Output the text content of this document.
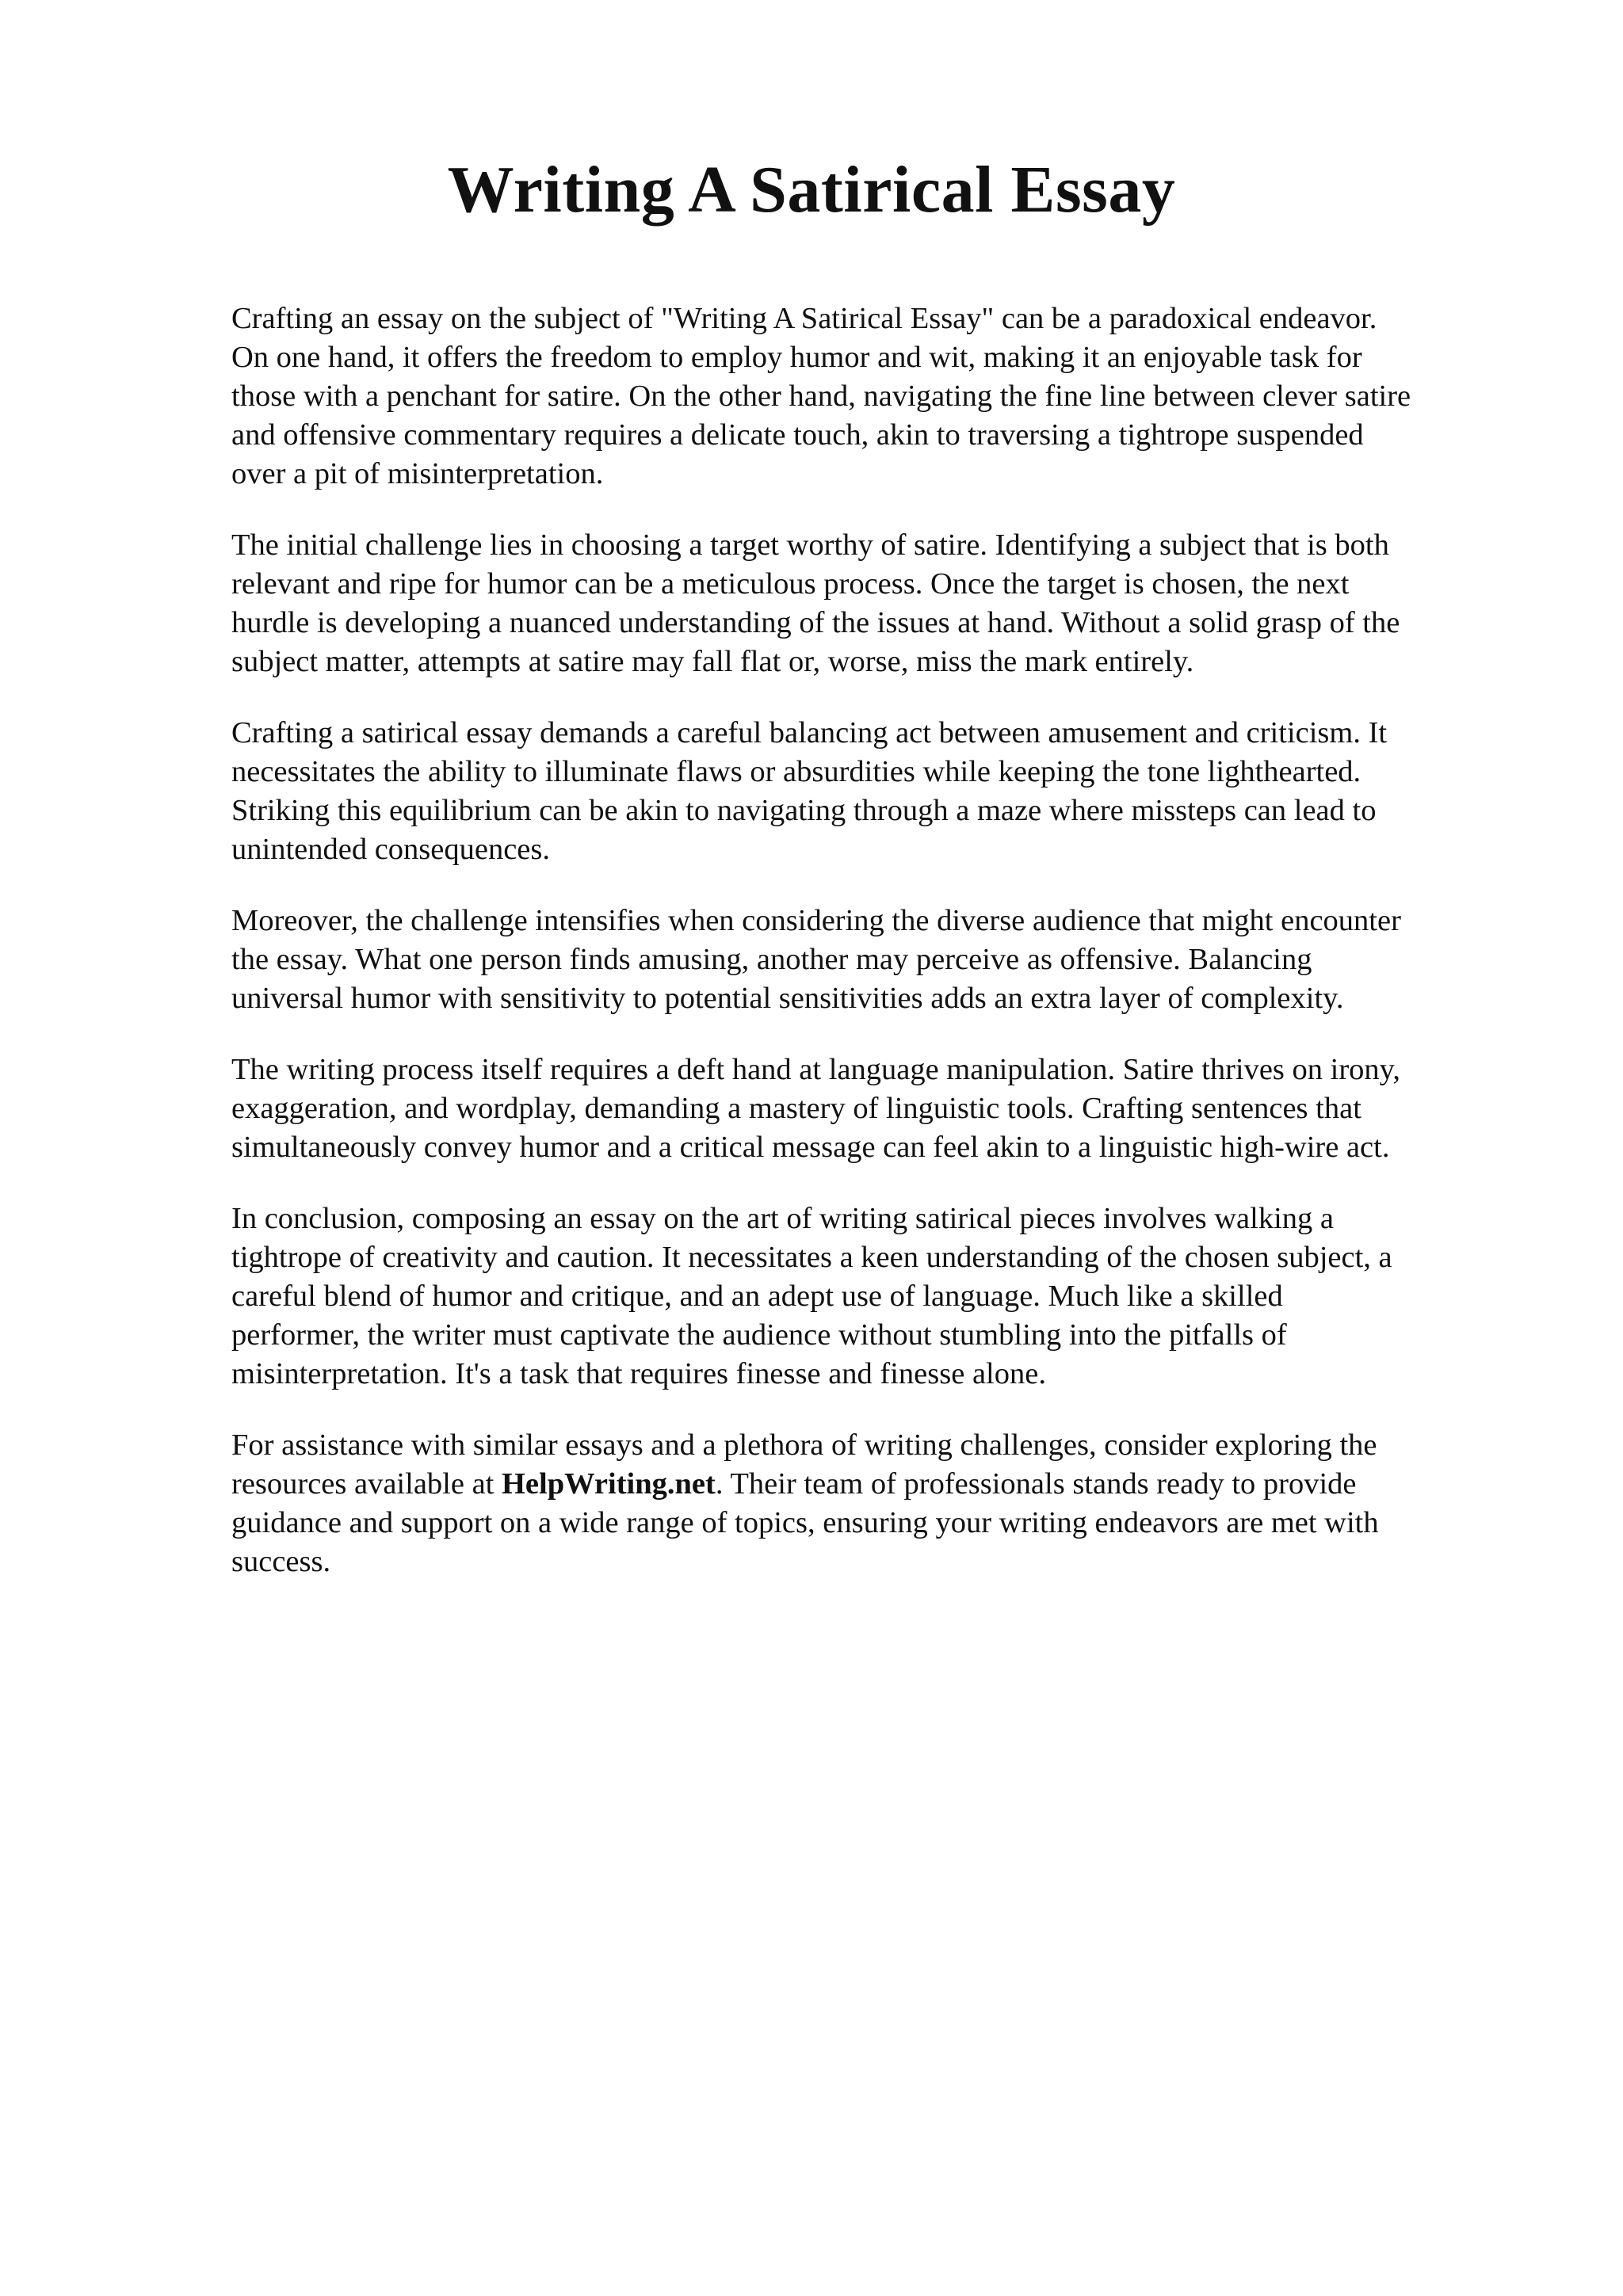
Writing A Satirical Essay

Crafting an essay on the subject of "Writing A Satirical Essay" can be a paradoxical endeavor.
On one hand, it offers the freedom to employ humor and wit, making it an enjoyable task for
those with a penchant for satire. On the other hand, navigating the fine line between clever satire
and offensive commentary requires a delicate touch, akin to traversing a tightrope suspended
over a pit of misinterpretation.

The initial challenge lies in choosing a target worthy of satire. Identifying a subject that is both
relevant and ripe for humor can be a meticulous process. Once the target is chosen, the next
hurdle is developing a nuanced understanding of the issues at hand. Without a solid grasp of the
subject matter, attempts at satire may fall flat or, worse, miss the mark entirely.

Crafting a satirical essay demands a careful balancing act between amusement and criticism. It
necessitates the ability to illuminate flaws or absurdities while keeping the tone lighthearted.
Striking this equilibrium can be akin to navigating through a maze where missteps can lead to
unintended consequences.

Moreover, the challenge intensifies when considering the diverse audience that might encounter
the essay. What one person finds amusing, another may perceive as offensive. Balancing
universal humor with sensitivity to potential sensitivities adds an extra layer of complexity.

The writing process itself requires a deft hand at language manipulation. Satire thrives on irony,
exaggeration, and wordplay, demanding a mastery of linguistic tools. Crafting sentences that
simultaneously convey humor and a critical message can feel akin to a linguistic high-wire act.

In conclusion, composing an essay on the art of writing satirical pieces involves walking a
tightrope of creativity and caution. It necessitates a keen understanding of the chosen subject, a
careful blend of humor and critique, and an adept use of language. Much like a skilled
performer, the writer must captivate the audience without stumbling into the pitfalls of
misinterpretation. It's a task that requires finesse and finesse alone.

For assistance with similar essays and a plethora of writing challenges, consider exploring the
resources available at HelpWriting.net. Their team of professionals stands ready to provide
guidance and support on a wide range of topics, ensuring your writing endeavors are met with
success.
